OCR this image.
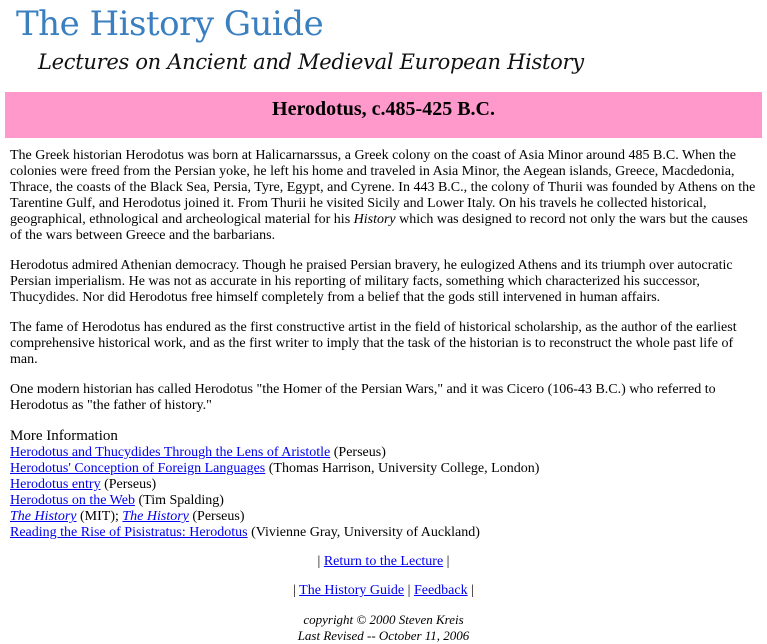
The History Guide
Lectures on Ancient and Medieval European History
Herodotus, c.485-425 B.C.

The Greek historian Herodotus was born at Halicarnarssus, a Greek colony on the coast of Asia Minor around 485 B.C. When the colonies were freed from the Persian yoke, he left his home and traveled in Asia Minor, the Aegean islands, Greece, Macdedonia, Thrace, the coasts of the Black Sea, Persia, Tyre, Egypt, and Cyrene. In 443 B.C., the colony of Thurii was founded by Athens on the Tarentine Gulf, and Herodotus joined it. From Thurii he visited Sicily and Lower Italy. On his travels he collected historical, geographical, ethnological and archeological material for his History which was designed to record not only the wars but the causes of the wars between Greece and the barbarians.

Herodotus admired Athenian democracy. Though he praised Persian bravery, he eulogized Athens and its triumph over autocratic Persian imperialism. He was not as accurate in his reporting of military facts, something which characterized his successor, Thucydides. Nor did Herodotus free himself completely from a belief that the gods still intervened in human affairs.

The fame of Herodotus has endured as the first constructive artist in the field of historical scholarship, as the author of the earliest comprehensive historical work, and as the first writer to imply that the task of the historian is to reconstruct the whole past life of man.

One modern historian has called Herodotus "the Homer of the Persian Wars," and it was Cicero (106-43 B.C.) who referred to Herodotus as "the father of history."

More Information
Herodotus and Thucydides Through the Lens of Aristotle (Perseus)
Herodotus' Conception of Foreign Languages (Thomas Harrison, University College, London)
Herodotus entry (Perseus)
Herodotus on the Web (Tim Spalding)
The History (MIT); The History (Perseus)
Reading the Rise of Pisistratus: Herodotus (Vivienne Gray, University of Auckland)
| Return to the Lecture |
| The History Guide | Feedback |
copyright © 2000 Steven Kreis
Last Revised -- October 11, 2006
